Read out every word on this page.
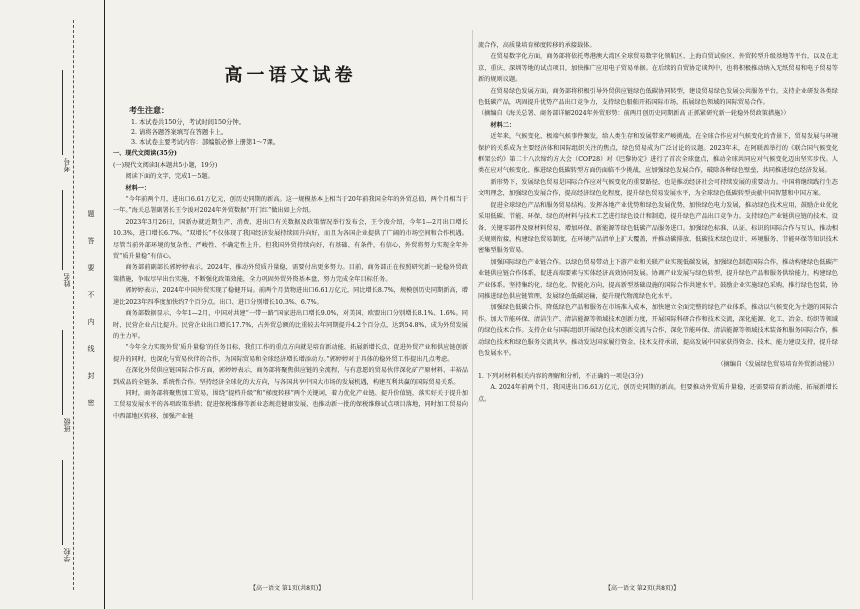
考号
姓名
班级
学校
题
答
要
不
内
线
封
密
高一语文试卷
考生注意：

1. 本试卷共150分，考试时间150分钟。

2. 请将各题答案填写在答题卡上。

3. 本试卷主要考试内容：部编版必修上册第1～7课。

一、现代文阅读(35分)

(一)现代文阅读Ⅰ(本题共5小题，19分)

阅读下面的文字，完成1～5题。

材料一：

“今年前两个月，进出口6.61万亿元，创历史同期的新高。这一规模基本上相当于20年前我国全年的外贸总值，两个月相当于一年。”海关总署副署长王令浚对2024年外贸数据“开门红”做出如上介绍。

2023年3月26日，国新办就近期生产、消费、进出口有关数据及政策情况举行发布会，王令浚介绍，今年1—2月出口增长10.3%，进口增长6.7%。“双增长”不仅体现了我国经济发展持续回升向好，而且为各国企业提供了广阔的市场空间和合作机遇。尽管当前外部环境的复杂性、严峻性、不确定性上升，但我国外贸持续向好，有基础、有条件，有信心，外贸将努力实现全年外贸“质升量稳”有信心。

商务部前副部长郭婷婷表示，2024年，推动外贸质升量稳，需要付出更多努力。目前，商务部正在按照研究新一轮稳外贸政策措施，争取尽早出台实施，不断强化政策效能，全力巩固外贸外资基本盘，努力完成全年目标任务。

郭婷婷表示，2024年中国外贸实现了稳健开局。前两个月货物进出口6.61万亿元，同比增长8.7%，规模创历史同期新高，增速比2023年四季度加快约7个百分点。出口、进口分别增长10.3%、6.7%。

商务部数据显示，今年1—2月，中国对共建“一带一路”国家进出口增长9.0%，对美国、欧盟出口分别增长8.1%、1.6%。同时，民营企业占比提升。民营企业出口增长17.7%，占外贸总额的比重较去年同期提升4.2个百分点，达到54.8%，成为外贸发展的主力军。

“今年全力实现外贸‘质升量稳’的任务目标，我们工作的重点方向就是培育新动能、拓展新增长点，促进外贸产业和供应链创新提升的同时，也深化与贸易伙伴的合作，为国际贸易和全球经济增长增添动力。”郭婷婷对于具体的稳外贸工作提出几点考虑。

在深化外贸供应链国际合作方面，郭婷婷表示，商务部将聚焦供应链的全流程，与有意愿的贸易伙伴深化矿产原材料、丰裕品到成品的全链条、系统性合作。坚持经济全球化的大方向，与各国共享中国大市场的发展机遇，构建互利共赢的国际贸易关系。

同时，商务部将聚焦加工贸易，围绕“提档升级”和“梯度转移”两个关键词，着力优化产业链、提升价值链，落实好关于提升加工贸易发展水平的各项政策举措；促进保税维修等新业态规范健康发展，也推动新一批的保税维修试点项目落地，同时加工贸易向中西部地区转移，加强产业链

流合作，高质量培育梯度转移的承接载体。

在贸易数字化方面，商务部将依托粤港澳大湾区全球贸易数字化领航区、上海自贸试验区、外贸转型升级基地等平台，以及在北京、重庆、深圳等地的试点项目，加快推广应用电子贸易单据。在后续的自贸协定谈判中，也将积极推动纳入无纸贸易和电子贸易等新的规则议题。

在贸易绿色发展方面，商务部将积极引导外贸供应链绿色低碳协同转型，建设贸易绿色发展公共服务平台，支持企业研发各类绿色低碳产品，巩固提升优势产品出口竞争力，支持绿色船舶开拓国际市场，拓展绿色领域的国际贸易合作。

（摘编自《海关总署、商务部详解2024年外贸形势：前两月创历史同期新高 正抓紧研究新一轮稳外贸政策措施》）

材料二：

近年来，气候变化、极端气候事件频发，给人类生存和发展带来严峻挑战。在全球合作应对气候变化的背景下，贸易发展与环境保护的关系成为主要经济体和国际组织关注的焦点，绿色贸易成为广泛讨论的议题。2023年末，在阿联酋举行的《联合国气候变化框架公约》第二十八次缔约方大会（COP28）对《巴黎协定》进行了首次全球盘点，推动全球共同应对气候变化迈出坚实步伐。人类在应对气候变化、推进绿色低碳转型方面仍面临不少挑战，应加强绿色发展合作，破除各种绿色壁垒，共同推进绿色经济发展。

新形势下，发展绿色贸易是国际合作应对气候变化的重要路径，也是推动经济社会可持续发展的重要动力。中国将继续践行生态文明理念，加强绿色发展合作，提高经济绿色化程度，提升绿色贸易发展水平，为全球绿色低碳转型贡献中国智慧和中国方案。

促进全球绿色产品和服务贸易结构。发挥各地产业优势和绿色发展优势，加快绿色电力发展，推动绿色技术应用，鼓励企业优化采用低碳、节能、环保、绿色的材料与技术工艺进行绿色设计和制造，提升绿色产品出口竞争力。支持绿色产业链供应链的技术、设备、关键零部件及原材料贸易，增加环保、新能源等绿色低碳产品服务进口。加强绿色标准、认证、标识的国际合作与互认，推动相关规则衔接，构建绿色贸易制度，在环境产品清单上扩大覆盖，并推动碳排放、低碳技术绿色设计、环境服务、节能环保等知识技术密集型服务贸易。

加强国际绿色产业链合作。以绿色贸易带动上下游产业和关联产业实现低碳发展，加强绿色制造国际合作，推动构建绿色低碳产业链供应链合作体系，促进高端要素与实体经济高效协同发展。协调产业发展与绿色转型，提升绿色产品和服务供给能力，构建绿色产业体系。坚持集约化、绿色化、智能化方向，提高新型基础设施的国际合作共建水平。鼓励企业实施绿色采购，推行绿色包装，协同推进绿色供应链管理，发展绿色低碳运输，提升现代物流绿色化水平。

加强绿色低碳合作，降低绿色产品和服务在市场准入成本，加快建立全面完整的绿色产业体系，推动以气候变化为主题的国际合作。加大节能环保、清洁生产、清洁能源等领域技术创新力度，开展国际科研合作和技术交流，深化能源、化工、冶金、纺织等领域的绿色技术合作。支持企业与国际组织开展绿色技术创新交流与合作，深化节能环保、清洁能源等领域技术装备和服务国际合作，推动绿色技术和绿色服务交流共享。推动发达国家履行资金、技术支持承诺，提高发展中国家获得资金、技术、能力建设支持，提升绿色发展水平。

（摘编自《发展绿色贸易培育外贸新动能》）

1. 下列对材料相关内容的理解和分析，不正确的一项是(3分)

A. 2024年前两个月，我国进出口6.61万亿元，创历史同期的新高，但要推动外贸质升量稳，还需要培育新动能、拓展新增长点。

【高一语文 第1页(共8页)】	【高一语文 第2页(共8页)】
